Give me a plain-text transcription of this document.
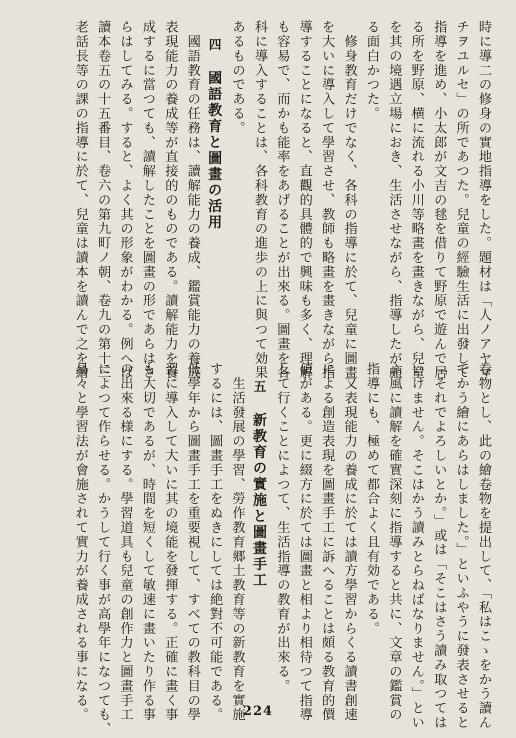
時に導二の修身の實地指導をした。題材は「人ノアヤマ

チヲユルセ」の所であつた。兒童の經驗生活に出發して

指導を進め、小太郎が文吉の毬を借りて野原で遊んで居

る所を野原、横に流れる小川等略畫を畫きながら、兒童

を其の境遇立場におき、生活させながら、指導したが頗

る面白かつた。

　修身教育だけでなく、各科の指導に於て、兒童に圖畫

を大いに導入して學習させ、教師も略畫を畫きながら指

導することになると、直觀的具體的で興味も多く、理解

も容易で、而かも能率をあげることが出來る。圖畫を各

科に導入することは、各科教育の進歩の上に與つて効果

あるものである。

四國語教育と圖畫の活用

　國語教育の任務は、讀解能力の養成、鑑賞能力の養成

表現能力の養成等が直接的のものである。讀解能力を養

成するに當つても、讀解したことを圖畫の形であらはさ

らはしてみる。すると、よく其の形象がわかる。例へば

讀本卷五の十五番目、卷六の第九町ノ朝、卷九の第十三

老話長等の課の指導に於て、兒童は讀本を讀んで之を繪

卷物とし、此の繪卷物を提出して、「私はこゝをかう讀ん

でかう繪にあらはしました。」といふやうに發表させると

「それでよろしいとか。」或は「そこはさう讀み取つては

いけません。そこはかう讀みとらねばなりません。」とい

ふ風に讀解を確實深刻に指導すると共に、文章の鑑賞の

指導にも、極めて都合よく且有効である。

　又表現能力の養成に於ては讀方學習からくる讀書創速

による創造表現を圖畫手工に訴へることは頗る教育的價

値がある。更に綴方に於ては圖畫と相より相待つて指導

して行くことによつて、生活指導の教育が出來る。

五新教育の實施と圖畫手工

　生活發展の學習、勞作教育郷土教育等の新教育を實施

するには、圖畫手工をぬきにしては絶對不可能である。

低學年から圖畫手工を重要視して、すべての教科目の學

習に導入して大いに其の境能を發揮する。正確に畫く事

も大切であるが、時間を短くして敏速に畫いたり作る事

の出來る様にする。學習道具も兒童の創作力と圖畫手工

によつて作らせる。かうして行く事が高學年になつても、

易々と學習法が會施されて實力が養成される事になる。	224
